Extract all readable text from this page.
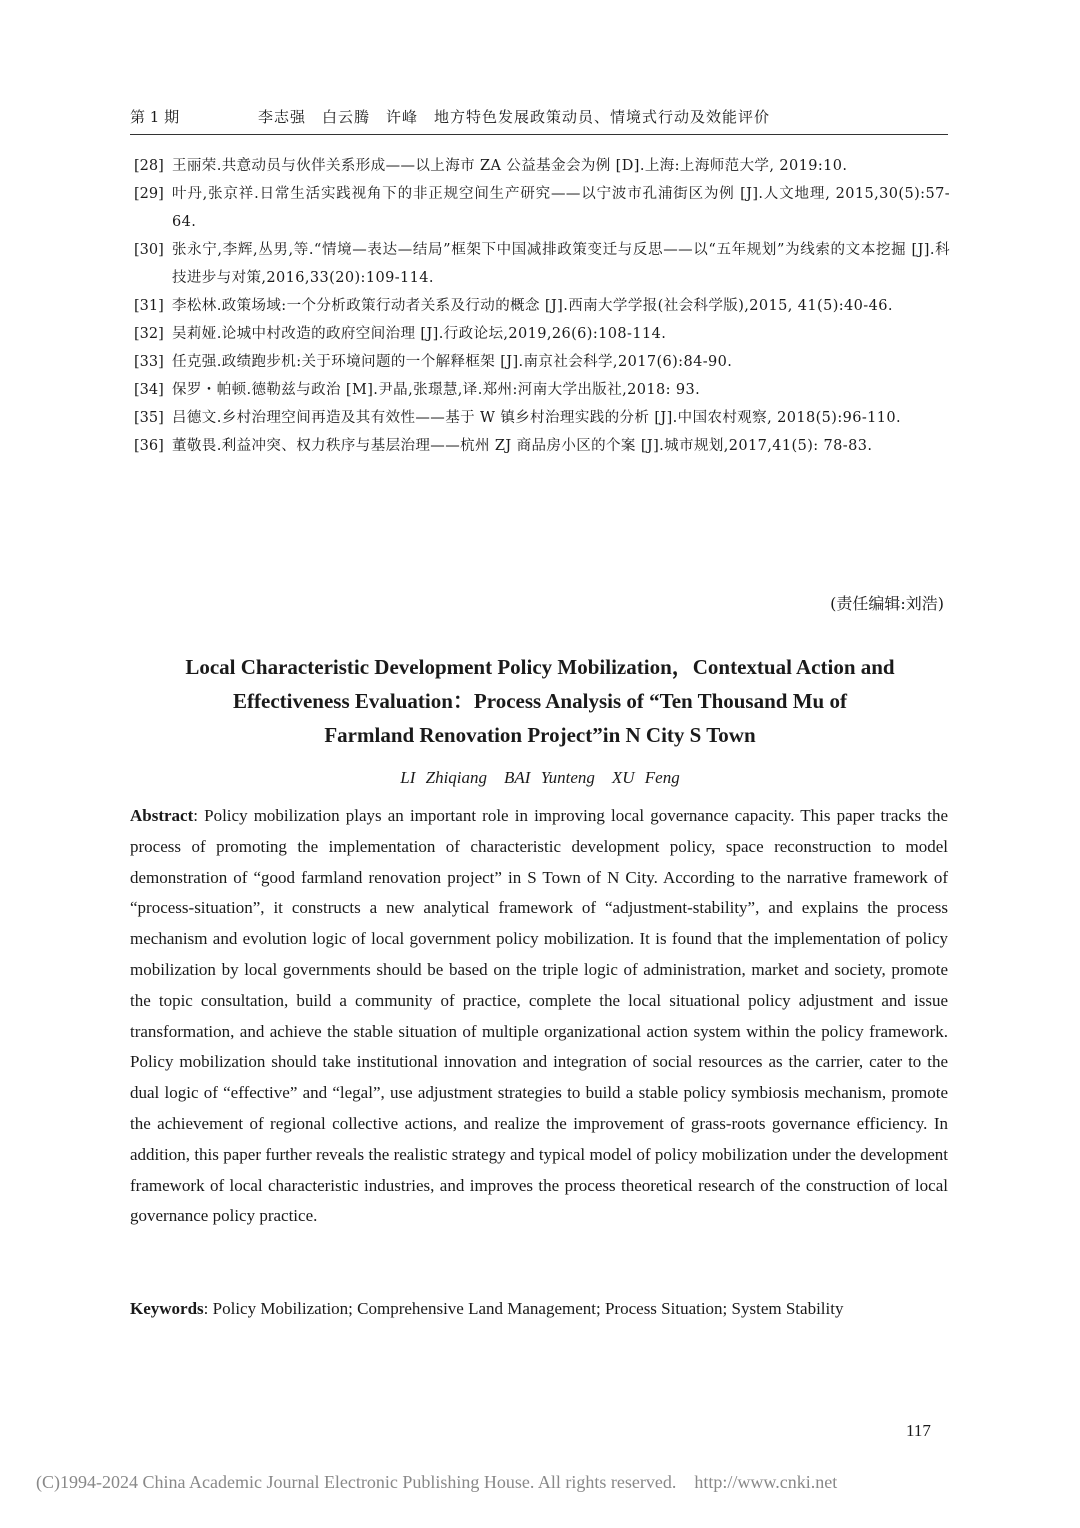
第 1 期	李志强　白云腾　许峰　地方特色发展政策动员、情境式行动及效能评价
[28] 王丽荣.共意动员与伙伴关系形成——以上海市 ZA 公益基金会为例 [D].上海:上海师范大学, 2019:10.
[29] 叶丹,张京祥.日常生活实践视角下的非正规空间生产研究——以宁波市孔浦街区为例 [J].人文地理, 2015,30(5):57-64.
[30] 张永宁,李辉,丛男,等.“情境—表达—结局”框架下中国减排政策变迁与反思——以“五年规划”为线索的文本挖掘 [J].科技进步与对策,2016,33(20):109-114.
[31] 李松林.政策场域:一个分析政策行动者关系及行动的概念 [J].西南大学学报(社会科学版),2015, 41(5):40-46.
[32] 吴莉娅.论城中村改造的政府空间治理 [J].行政论坛,2019,26(6):108-114.
[33] 任克强.政绩跑步机:关于环境问题的一个解释框架 [J].南京社会科学,2017(6):84-90.
[34] 保罗・帕顿.德勒兹与政治 [M].尹晶,张璟慧,译.郑州:河南大学出版社,2018: 93.
[35] 吕德文.乡村治理空间再造及其有效性——基于 W 镇乡村治理实践的分析 [J].中国农村观察, 2018(5):96-110.
[36] 董敬畏.利益冲突、权力秩序与基层治理——杭州 ZJ 商品房小区的个案 [J].城市规划,2017,41(5): 78-83.
(责任编辑:刘浩)
Local Characteristic Development Policy Mobilization，Contextual Action and
Effectiveness Evaluation：Process Analysis of “Ten Thousand Mu of
Farmland Renovation Project”in N City S Town
LI Zhiqiang　BAI Yunteng　XU Feng
Abstract: Policy mobilization plays an important role in improving local governance capacity. This paper tracks the process of promoting the implementation of characteristic development policy, space reconstruction to model demonstration of “good farmland renovation project” in S Town of N City. According to the narrative framework of “process-situation”, it constructs a new analytical framework of “adjustment-stability”, and explains the process mechanism and evolution logic of local government policy mobilization. It is found that the implementation of policy mobilization by local governments should be based on the triple logic of administration, market and society, promote the topic consultation, build a community of practice, complete the local situational policy adjustment and issue transformation, and achieve the stable situation of multiple organizational action system within the policy framework. Policy mobilization should take institutional innovation and integration of social resources as the carrier, cater to the dual logic of “effective” and “legal”, use adjustment strategies to build a stable policy symbiosis mechanism, promote the achievement of regional collective actions, and realize the improvement of grass-roots governance efficiency. In addition, this paper further reveals the realistic strategy and typical model of policy mobilization under the development framework of local characteristic industries, and improves the process theoretical research of the construction of local governance policy practice.
Keywords: Policy Mobilization; Comprehensive Land Management; Process Situation; System Stability
117
(C)1994-2024 China Academic Journal Electronic Publishing House. All rights reserved. http://www.cnki.net
